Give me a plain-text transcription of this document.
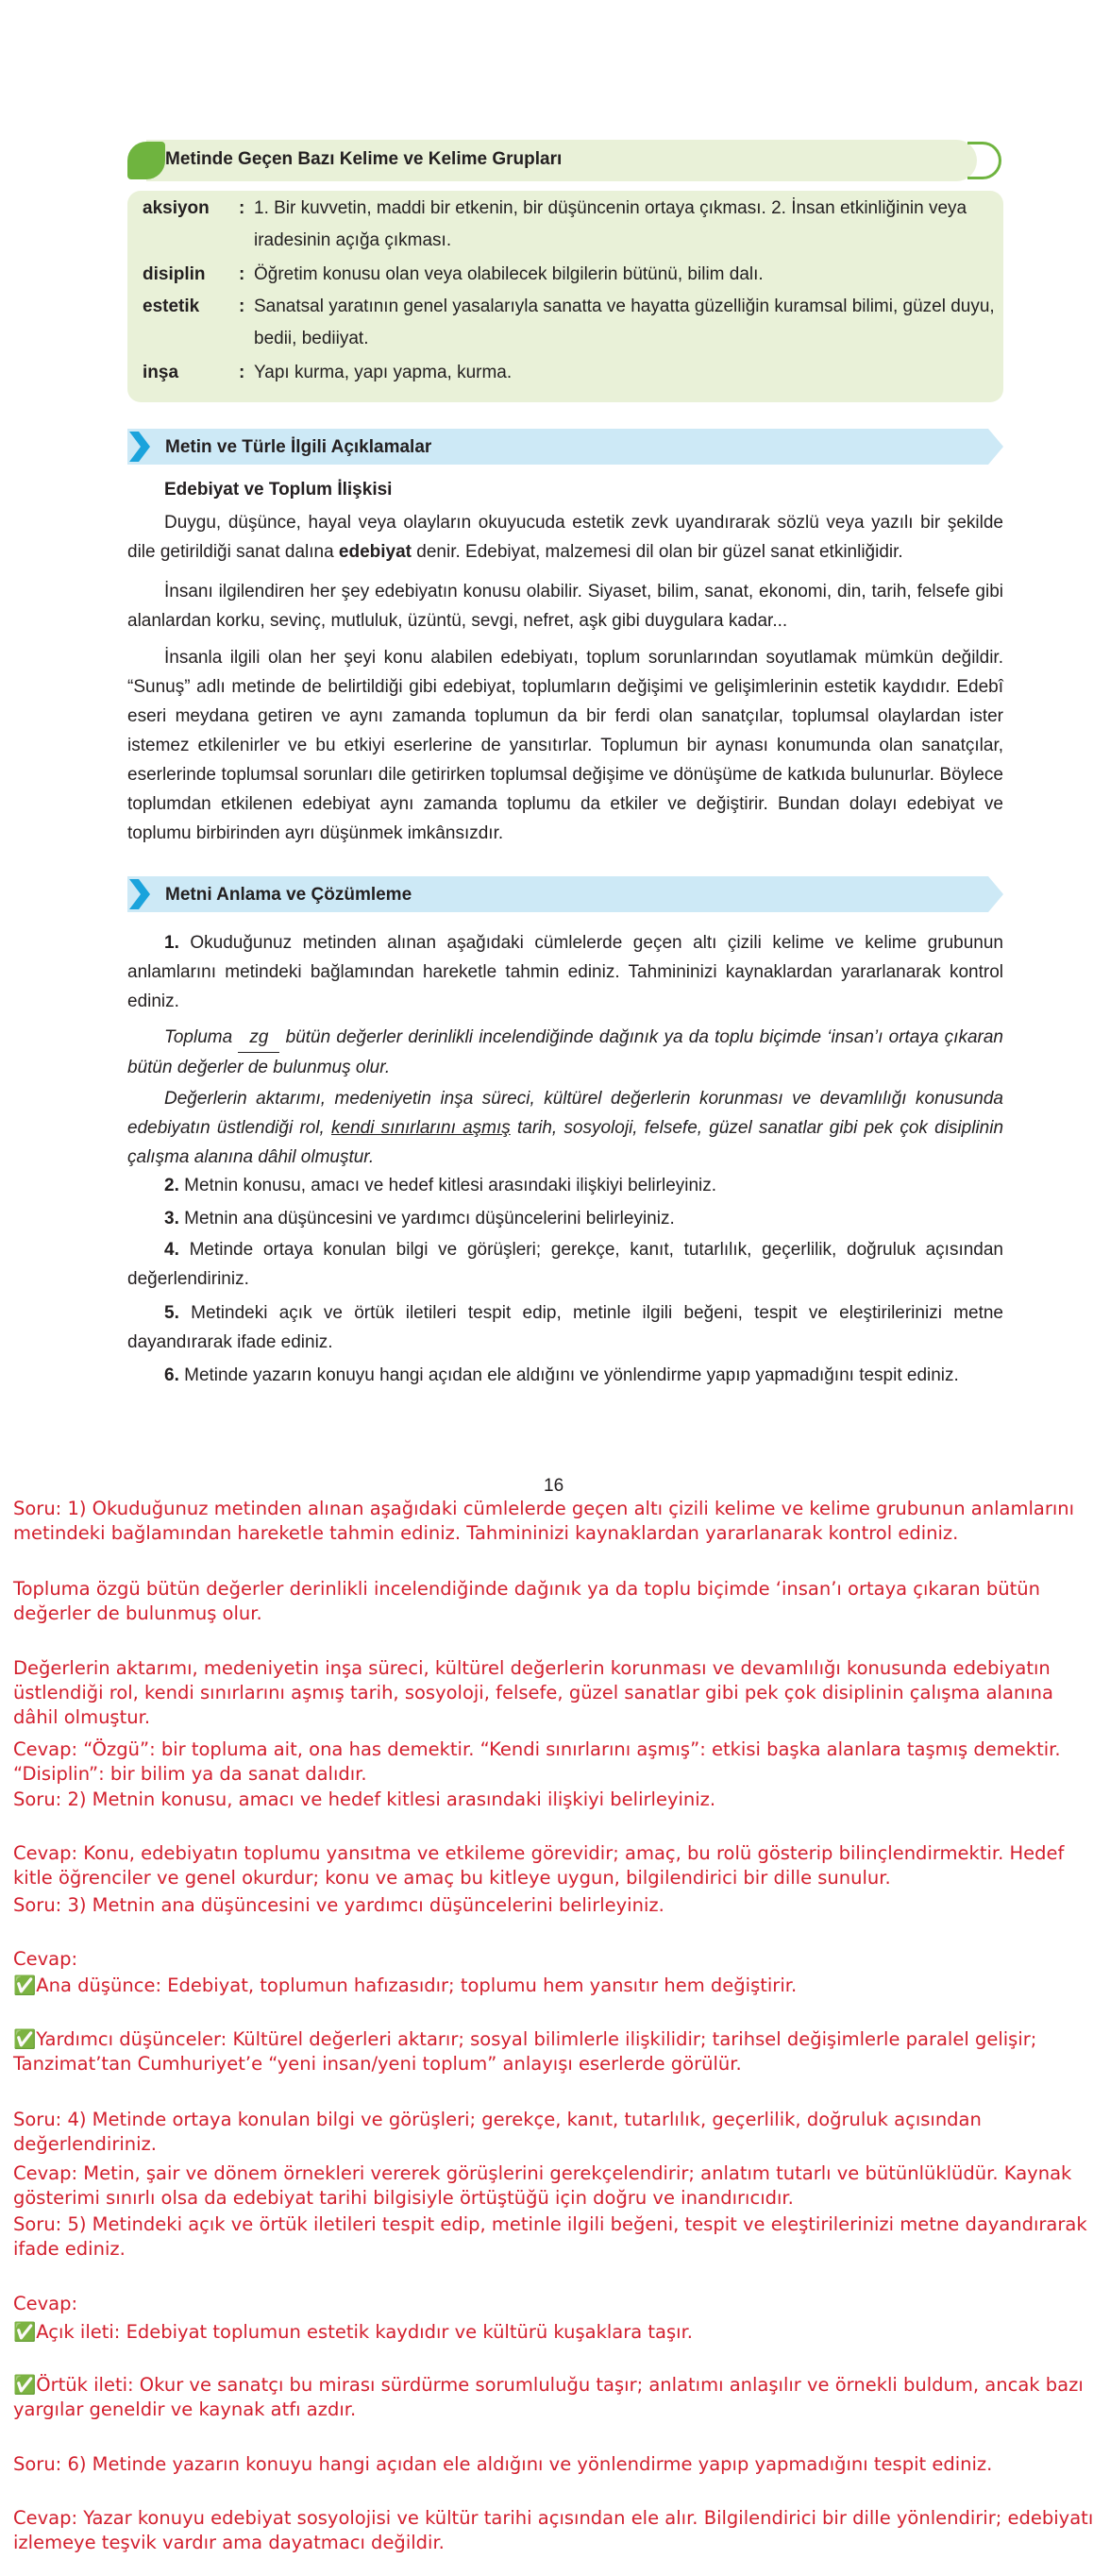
Metinde Geçen Bazı Kelime ve Kelime Grupları
aksiyon	: 1. Bir kuvvetin, maddi bir etkenin, bir düşüncenin ortaya çıkması. 2. İnsan etkinliğinin veya iradesinin açığa çıkması.
disiplin	: Öğretim konusu olan veya olabilecek bilgilerin bütünü, bilim dalı.
estetik	: Sanatsal yaratının genel yasalarıyla sanatta ve hayatta güzelliğin kuramsal bilimi, güzel duyu, bedii, bediiyat.
inşa	: Yapı kurma, yapı yapma, kurma.
Metin ve Türle İlgili Açıklamalar
Edebiyat ve Toplum İlişkisi
Duygu, düşünce, hayal veya olayların okuyucuda estetik zevk uyandırarak sözlü veya yazılı bir şekilde dile getirildiği sanat dalına edebiyat denir. Edebiyat, malzemesi dil olan bir güzel sanat etkinliğidir.
İnsanı ilgilendiren her şey edebiyatın konusu olabilir. Siyaset, bilim, sanat, ekonomi, din, tarih, felsefe gibi alanlardan korku, sevinç, mutluluk, üzüntü, sevgi, nefret, aşk gibi duygulara kadar...
İnsanla ilgili olan her şeyi konu alabilen edebiyatı, toplum sorunlarından soyutlamak mümkün değildir. “Sunuş” adlı metinde de belirtildiği gibi edebiyat, toplumların değişimi ve gelişimlerinin estetik kaydıdır. Edebî eseri meydana getiren ve aynı zamanda toplumun da bir ferdi olan sanatçılar, toplumsal olaylardan ister istemez etkilenirler ve bu etkiyi eserlerine de yansıtırlar. Toplumun bir aynası konumunda olan sanatçılar, eserlerinde toplumsal sorunları dile getirirken toplumsal değişime ve dönüşüme de katkıda bulunurlar. Böylece toplumdan etkilenen edebiyat aynı zamanda toplumu da etkiler ve değiştirir. Bundan dolayı edebiyat ve toplumu birbirinden ayrı düşünmek imkânsızdır.
Metni Anlama ve Çözümleme
1. Okuduğunuz metinden alınan aşağıdaki cümlelerde geçen altı çizili kelime ve kelime grubunun anlamlarını metindeki bağlamından hareketle tahmin ediniz. Tahmininizi kaynaklardan yararlanarak kontrol ediniz.
Topluma zg bütün değerler derinlikli incelendiğinde dağınık ya da toplu biçimde ‘insan’ı ortaya çıkaran bütün değerler de bulunmuş olur.
Değerlerin aktarımı, medeniyetin inşa süreci, kültürel değerlerin korunması ve devamlılığı konusunda edebiyatın üstlendiği rol, kendi sınırlarını aşmış tarih, sosyoloji, felsefe, güzel sanatlar gibi pek çok disiplinin çalışma alanına dâhil olmuştur.
2. Metnin konusu, amacı ve hedef kitlesi arasındaki ilişkiyi belirleyiniz.
3. Metnin ana düşüncesini ve yardımcı düşüncelerini belirleyiniz.
4. Metinde ortaya konulan bilgi ve görüşleri; gerekçe, kanıt, tutarlılık, geçerlilik, doğruluk açısından değerlendiriniz.
5. Metindeki açık ve örtük iletileri tespit edip, metinle ilgili beğeni, tespit ve eleştirilerinizi metne dayandırarak ifade ediniz.
6. Metinde yazarın konuyu hangi açıdan ele aldığını ve yönlendirme yapıp yapmadığını tespit ediniz.
16
Soru: 1) Okuduğunuz metinden alınan aşağıdaki cümlelerde geçen altı çizili kelime ve kelime grubunun anlamlarını metindeki bağlamından hareketle tahmin ediniz. Tahmininizi kaynaklardan yararlanarak kontrol ediniz.
Topluma özgü bütün değerler derinlikli incelendiğinde dağınık ya da toplu biçimde ‘insan’ı ortaya çıkaran bütün değerler de bulunmuş olur.
Değerlerin aktarımı, medeniyetin inşa süreci, kültürel değerlerin korunması ve devamlılığı konusunda edebiyatın üstlendiği rol, kendi sınırlarını aşmış tarih, sosyoloji, felsefe, güzel sanatlar gibi pek çok disiplinin çalışma alanına dâhil olmuştur.
Cevap: “Özgü”: bir topluma ait, ona has demektir. “Kendi sınırlarını aşmış”: etkisi başka alanlara taşmış demektir. “Disiplin”: bir bilim ya da sanat dalıdır.
Soru: 2) Metnin konusu, amacı ve hedef kitlesi arasındaki ilişkiyi belirleyiniz.
Cevap: Konu, edebiyatın toplumu yansıtma ve etkileme görevidir; amaç, bu rolü gösterip bilinçlendirmektir. Hedef kitle öğrenciler ve genel okurdur; konu ve amaç bu kitleye uygun, bilgilendirici bir dille sunulur.
Soru: 3) Metnin ana düşüncesini ve yardımcı düşüncelerini belirleyiniz.
Cevap:
✅Ana düşünce: Edebiyat, toplumun hafızasıdır; toplumu hem yansıtır hem değiştirir.
✅Yardımcı düşünceler: Kültürel değerleri aktarır; sosyal bilimlerle ilişkilidir; tarihsel değişimlerle paralel gelişir; Tanzimat’tan Cumhuriyet’e “yeni insan/yeni toplum” anlayışı eserlerde görülür.
Soru: 4) Metinde ortaya konulan bilgi ve görüşleri; gerekçe, kanıt, tutarlılık, geçerlilik, doğruluk açısından değerlendiriniz.
Cevap: Metin, şair ve dönem örnekleri vererek görüşlerini gerekçelendirir; anlatım tutarlı ve bütünlüklüdür. Kaynak gösterimi sınırlı olsa da edebiyat tarihi bilgisiyle örtüştüğü için doğru ve inandırıcıdır.
Soru: 5) Metindeki açık ve örtük iletileri tespit edip, metinle ilgili beğeni, tespit ve eleştirilerinizi metne dayandırarak ifade ediniz.
Cevap:
✅Açık ileti: Edebiyat toplumun estetik kaydıdır ve kültürü kuşaklara taşır.
✅Örtük ileti: Okur ve sanatçı bu mirası sürdürme sorumluluğu taşır; anlatımı anlaşılır ve örnekli buldum, ancak bazı yargılar geneldir ve kaynak atfı azdır.
Soru: 6) Metinde yazarın konuyu hangi açıdan ele aldığını ve yönlendirme yapıp yapmadığını tespit ediniz.
Cevap: Yazar konuyu edebiyat sosyolojisi ve kültür tarihi açısından ele alır. Bilgilendirici bir dille yönlendirir; edebiyatı izlemeye teşvik vardır ama dayatmacı değildir.
